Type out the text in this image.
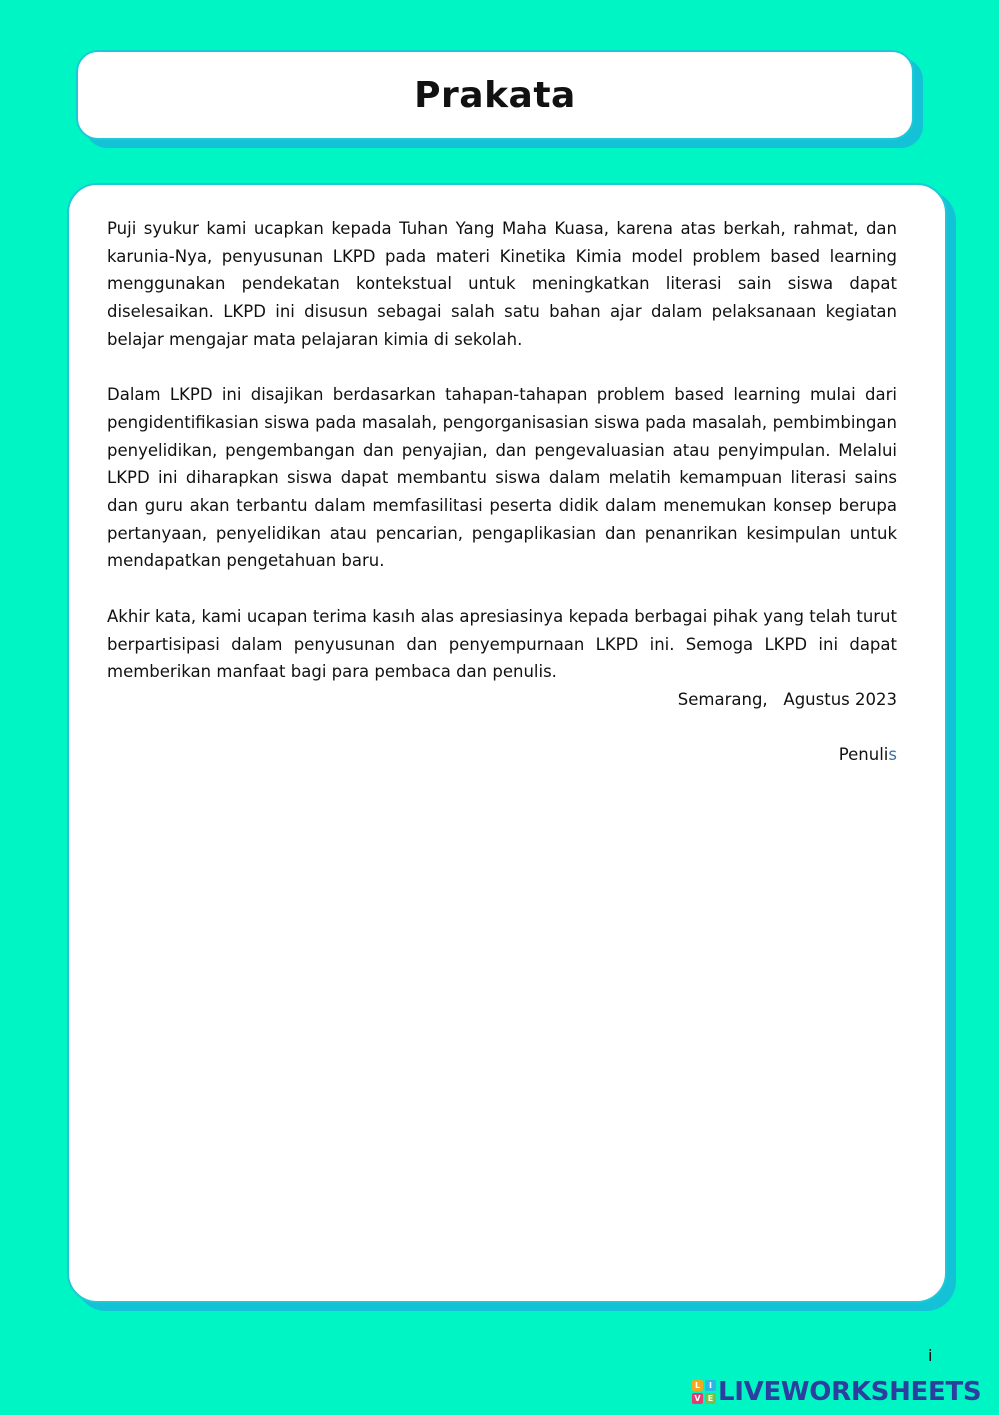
Prakata

Puji syukur kami ucapkan kepada Tuhan Yang Maha Kuasa, karena atas berkah, rahmat, dan karunia-Nya, penyusunan LKPD pada materi Kinetika Kimia model problem based learning menggunakan pendekatan kontekstual untuk meningkatkan literasi sain siswa dapat diselesaikan. LKPD ini disusun sebagai salah satu bahan ajar dalam pelaksanaan kegiatan belajar mengajar mata pelajaran kimia di sekolah.

Dalam LKPD ini disajikan berdasarkan tahapan-tahapan problem based learning mulai dari pengidentifikasian siswa pada masalah, pengorganisasian siswa pada masalah, pembimbingan penyelidikan, pengembangan dan penyajian, dan pengevaluasian atau penyimpulan. Melalui LKPD ini diharapkan siswa dapat membantu siswa dalam melatih kemampuan literasi sains dan guru akan terbantu dalam memfasilitasi peserta didik dalam menemukan konsep berupa pertanyaan, penyelidikan atau pencarian, pengaplikasian dan penanrikan kesimpulan untuk mendapatkan pengetahuan baru.

Akhir kata, kami ucapan terima kasıh alas apresiasinya kepada berbagai pihak yang telah turut berpartisipasi dalam penyusunan dan penyempurnaan LKPD ini. Semoga LKPD ini dapat memberikan manfaat bagi para pembaca dan penulis.

Semarang,   Agustus 2023
Penulis
i
L	I
V E LIVEWORKSHEETS
